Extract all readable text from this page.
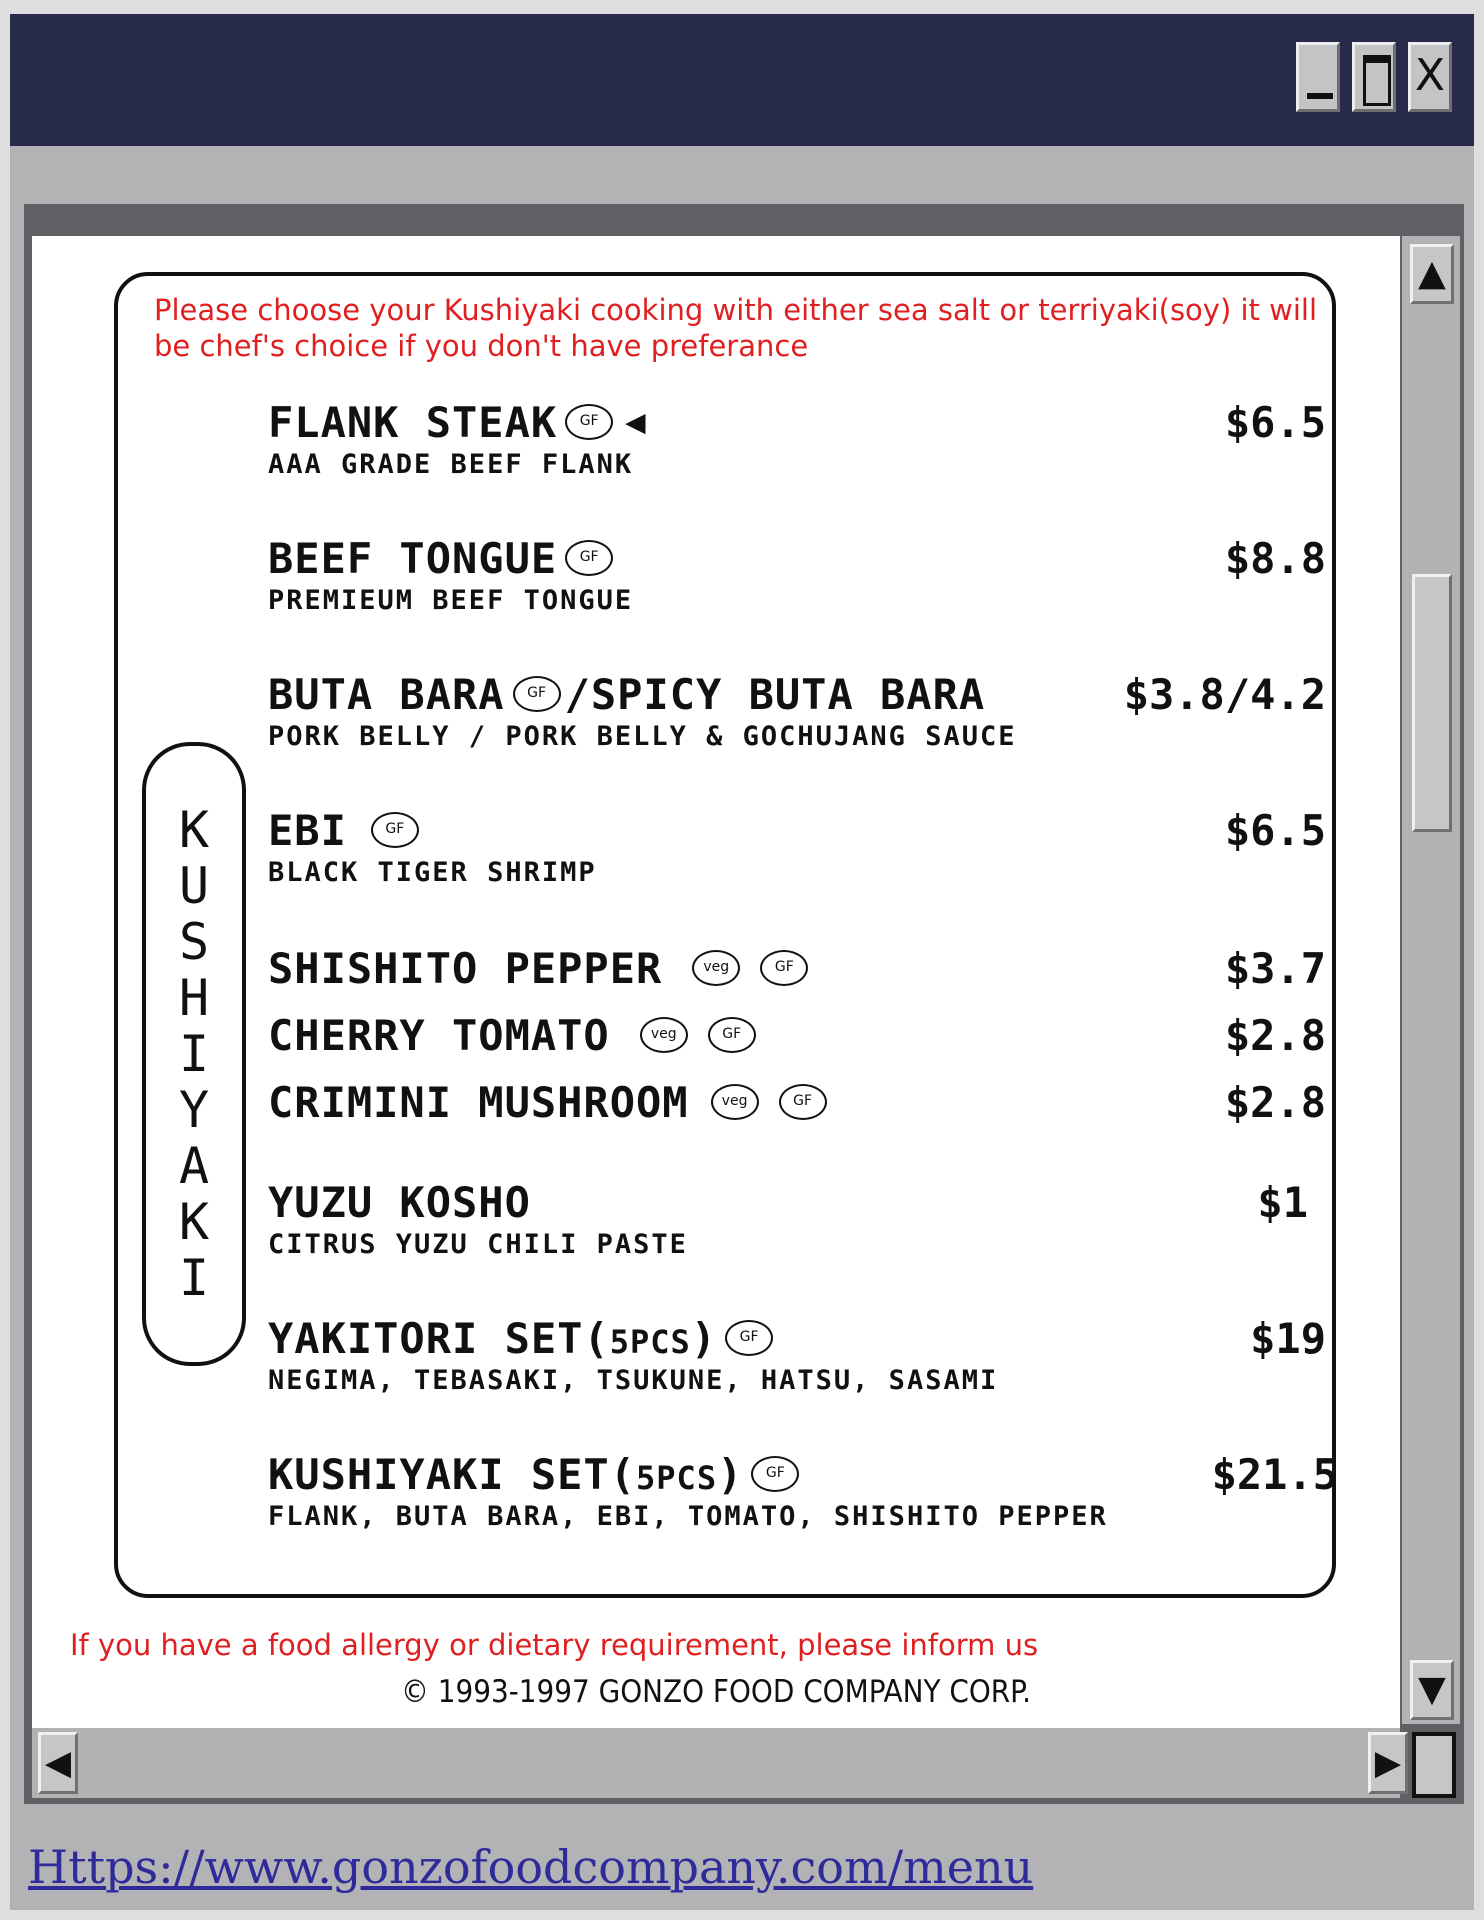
X
Please choose your Kushiyaki cooking with either sea salt or terriyaki(soy) it will be chef's choice if you don't have preferance
K
U
S
H
I
Y
A
K
I
FLANK STEAK GF ◀
AAA GRADE BEEF FLANK
$6.5
BEEF TONGUE GF
PREMIEUM BEEF TONGUE
$8.8
BUTA BARA GF /SPICY BUTA BARA
PORK BELLY / PORK BELLY & GOCHUJANG SAUCE
$3.8/4.2
EBI	GF
BLACK TIGER SHRIMP
$6.5
SHISHITO PEPPER	veg	GF	$3.7
CHERRY TOMATO	veg	GF	$2.8
CRIMINI MUSHROOM veg	GF	$2.8
YUZU KOSHO
CITRUS YUZU CHILI PASTE
$1
YAKITORI SET(5PCS) GF
NEGIMA, TEBASAKI, TSUKUNE, HATSU, SASAMI
$19
KUSHIYAKI SET(5PCS) GF
FLANK, BUTA BARA, EBI, TOMATO, SHISHITO PEPPER
$21.5
If you have a food allergy or dietary requirement, please inform us
© 1993-1997 GONZO FOOD COMPANY CORP.
▲
▼
◀	▶
Https://www.gonzofoodcompany.com/menu
